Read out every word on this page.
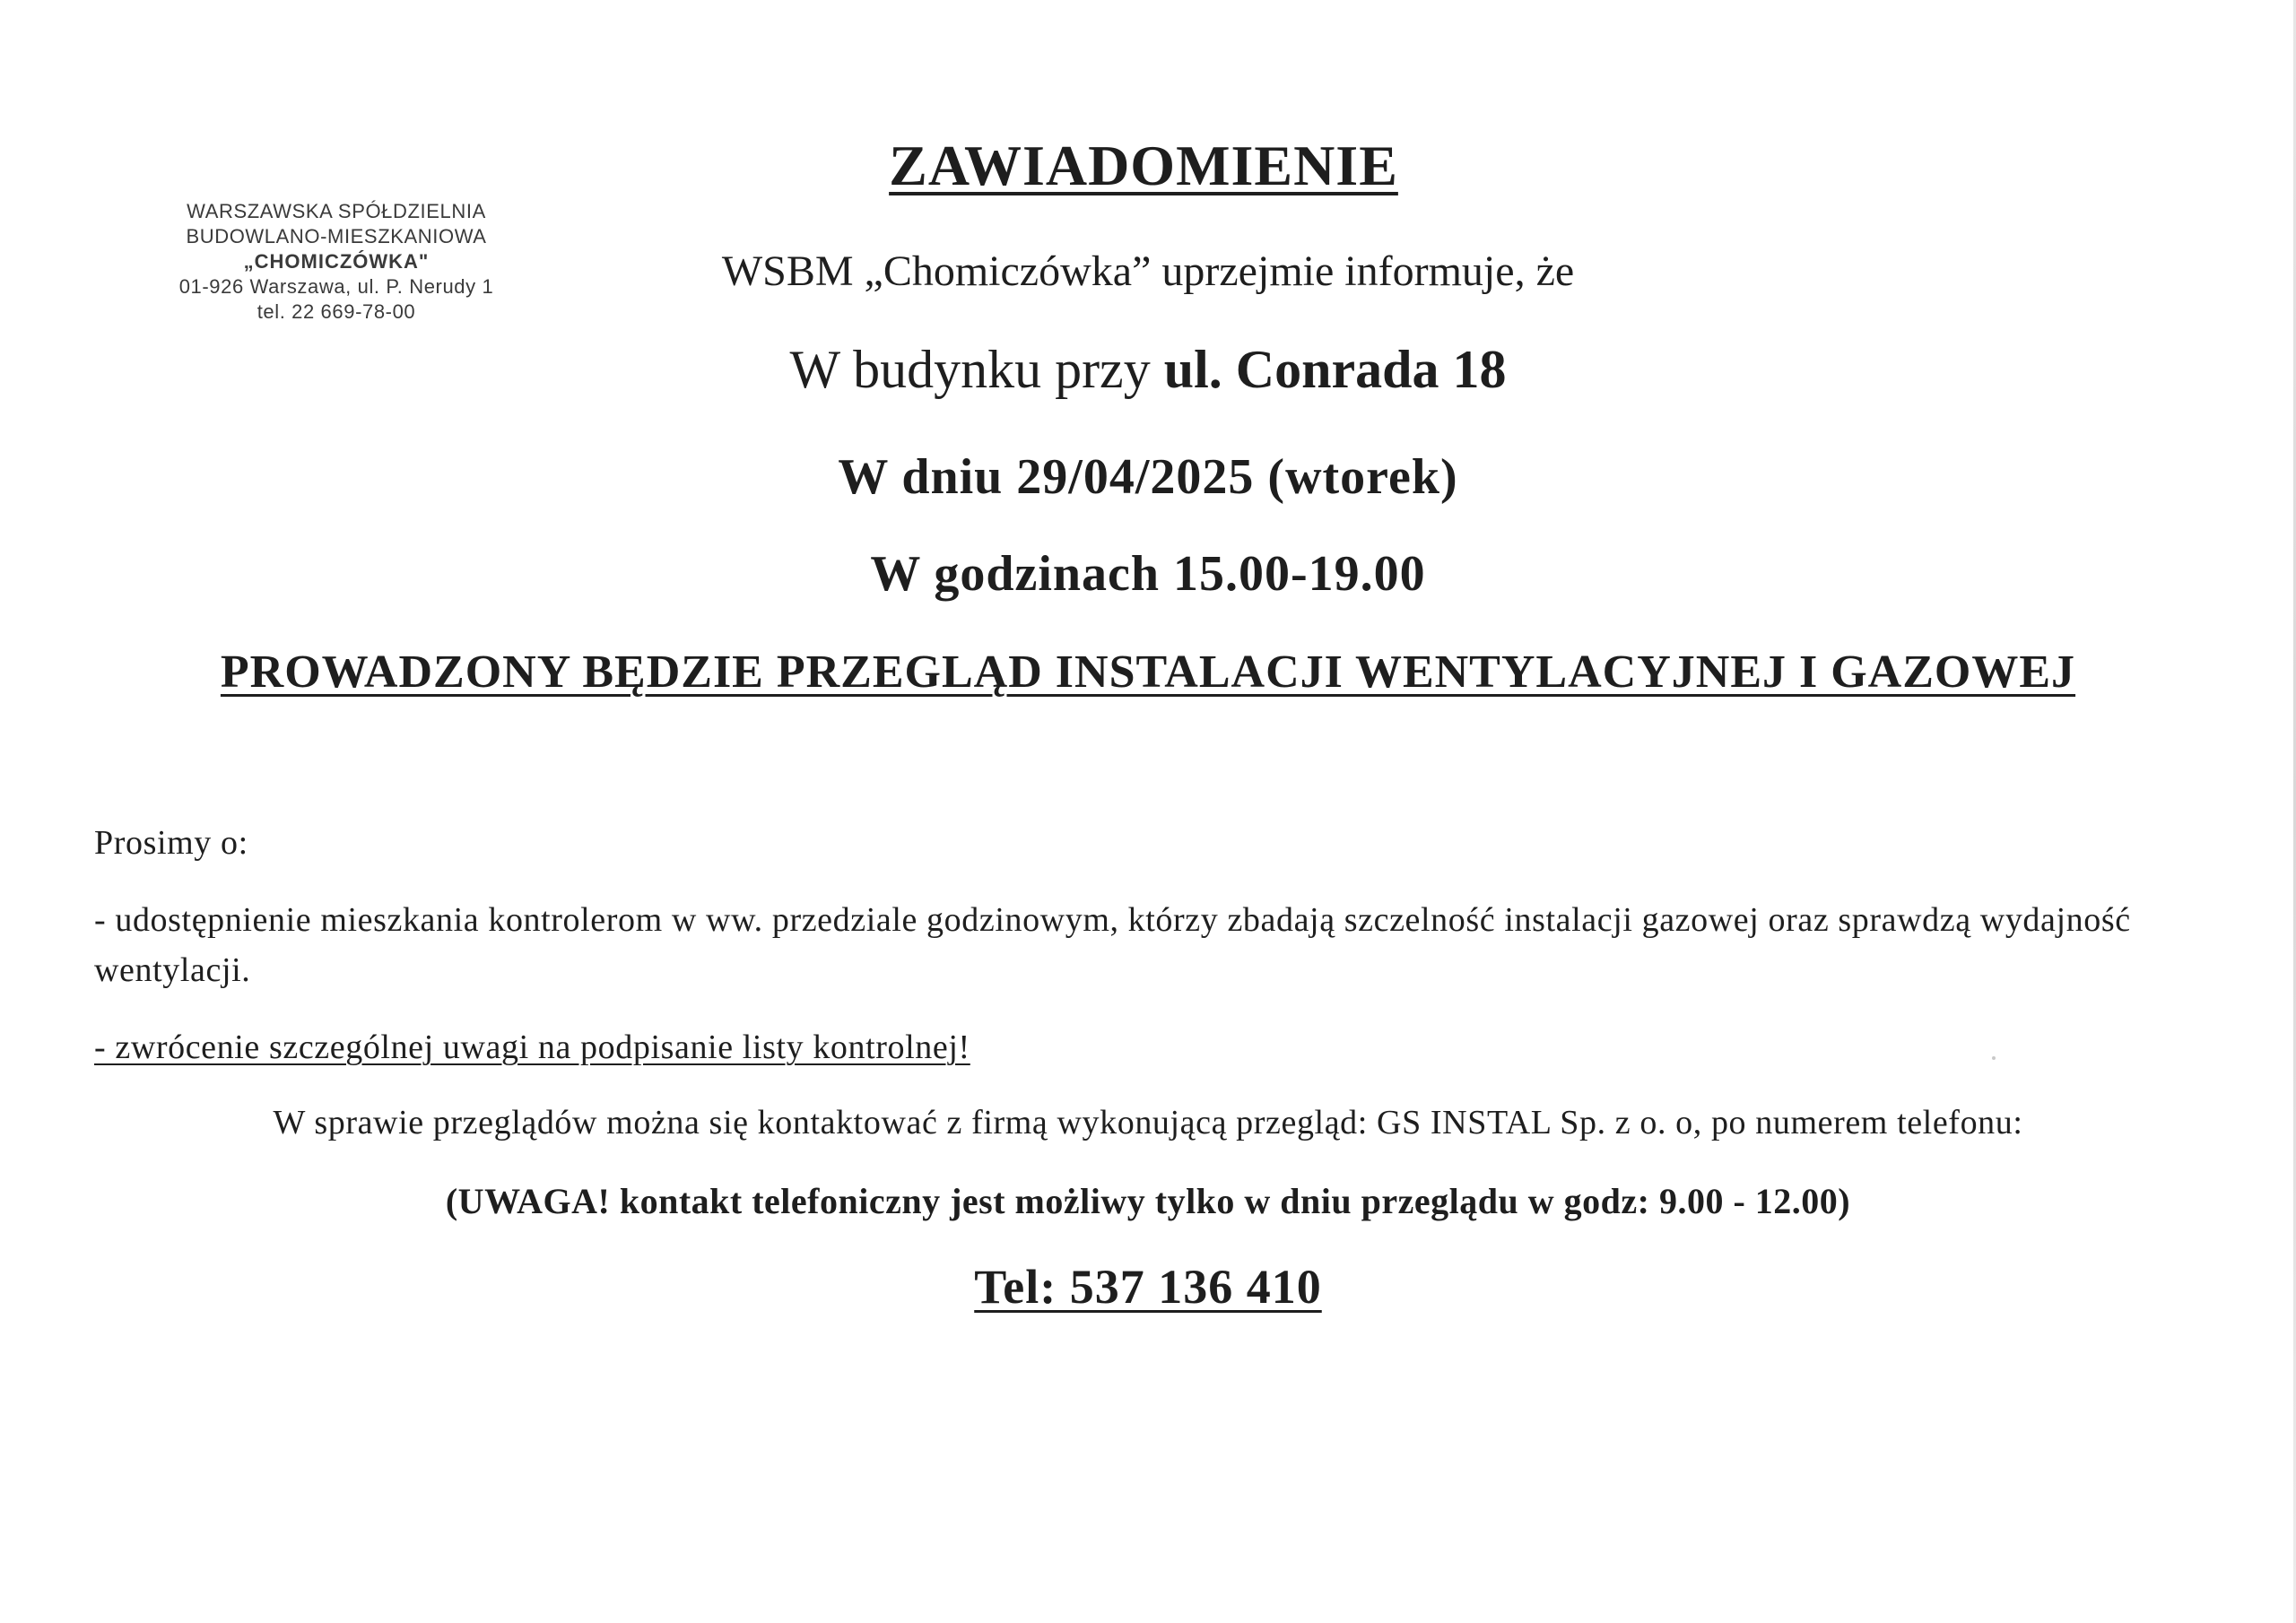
WARSZAWSKA SPÓŁDZIELNIA
BUDOWLANO-MIESZKANIOWA
„CHOMICZÓWKA"
01-926 Warszawa, ul. P. Nerudy 1
tel. 22 669-78-00
ZAWIADOMIENIE
WSBM „Chomiczówka” uprzejmie informuje, że
W budynku przy ul. Conrada 18
W dniu 29/04/2025 (wtorek)
W godzinach 15.00-19.00
PROWADZONY BĘDZIE PRZEGLĄD INSTALACJI WENTYLACYJNEJ I GAZOWEJ
Prosimy o:
- udostępnienie mieszkania kontrolerom w ww. przedziale godzinowym, którzy zbadają szczelność instalacji gazowej oraz sprawdzą wydajność wentylacji.
- zwrócenie szczególnej uwagi na podpisanie listy kontrolnej!
W sprawie przeglądów można się kontaktować z firmą wykonującą przegląd: GS INSTAL Sp. z o. o, po numerem telefonu:
(UWAGA! kontakt telefoniczny jest możliwy tylko w dniu przeglądu w godz: 9.00 - 12.00)
Tel: 537 136 410
